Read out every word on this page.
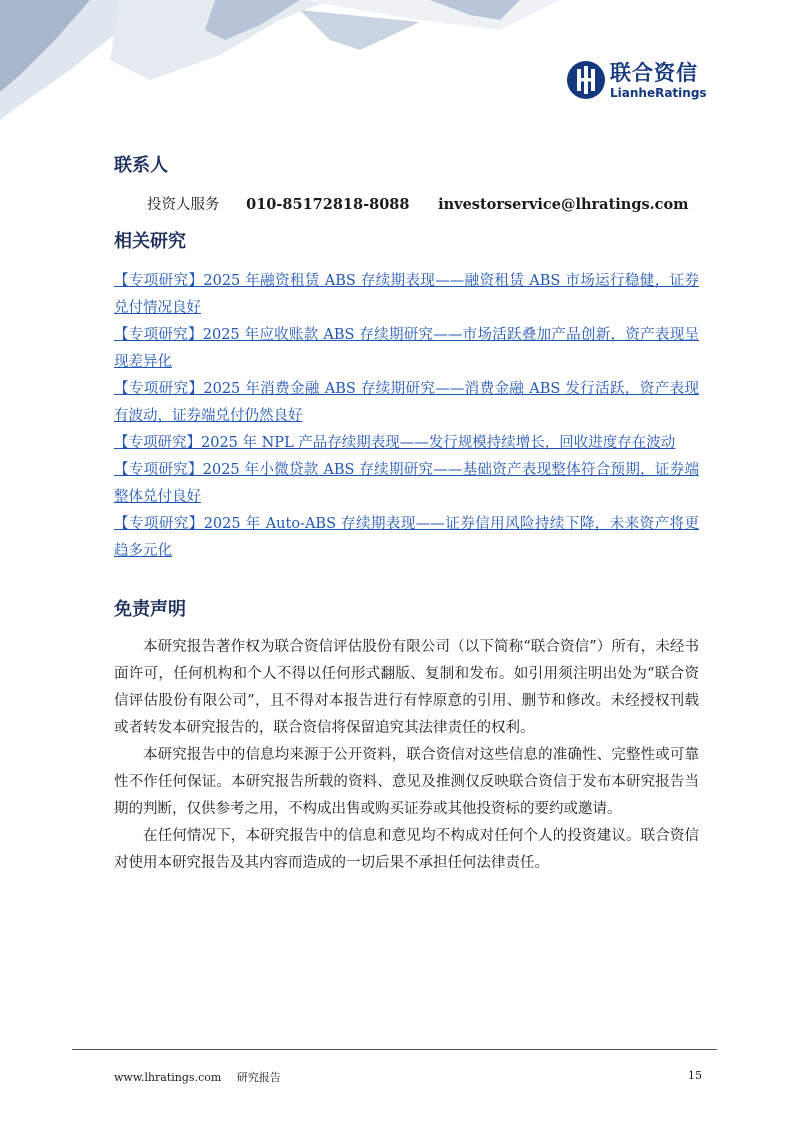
联合资信
LianheRatings
联系人
投资人服务 010-85172818-8088 investorservice@lhratings.com
相关研究
【专项研究】2025 年融资租赁 ABS 存续期表现——融资租赁 ABS 市场运行稳健，证券兑付情况良好
【专项研究】2025 年应收账款 ABS 存续期研究——市场活跃叠加产品创新，资产表现呈现差异化
【专项研究】2025 年消费金融 ABS 存续期研究——消费金融 ABS 发行活跃，资产表现有波动，证券端兑付仍然良好
【专项研究】2025 年 NPL 产品存续期表现——发行规模持续增长，回收进度存在波动
【专项研究】2025 年小微贷款 ABS 存续期研究——基础资产表现整体符合预期，证券端整体兑付良好
【专项研究】2025 年 Auto-ABS 存续期表现——证券信用风险持续下降，未来资产将更趋多元化
免责声明

本研究报告著作权为联合资信评估股份有限公司（以下简称“联合资信”）所有，未经书面许可，任何机构和个人不得以任何形式翻版、复制和发布。如引用须注明出处为“联合资信评估股份有限公司”，且不得对本报告进行有悖原意的引用、删节和修改。未经授权刊载或者转发本研究报告的，联合资信将保留追究其法律责任的权利。

本研究报告中的信息均来源于公开资料，联合资信对这些信息的准确性、完整性或可靠性不作任何保证。本研究报告所载的资料、意见及推测仅反映联合资信于发布本研究报告当期的判断，仅供参考之用，不构成出售或购买证券或其他投资标的要约或邀请。

在任何情况下，本研究报告中的信息和意见均不构成对任何个人的投资建议。联合资信对使用本研究报告及其内容而造成的一切后果不承担任何法律责任。

www.lhratings.com 研究报告	15
